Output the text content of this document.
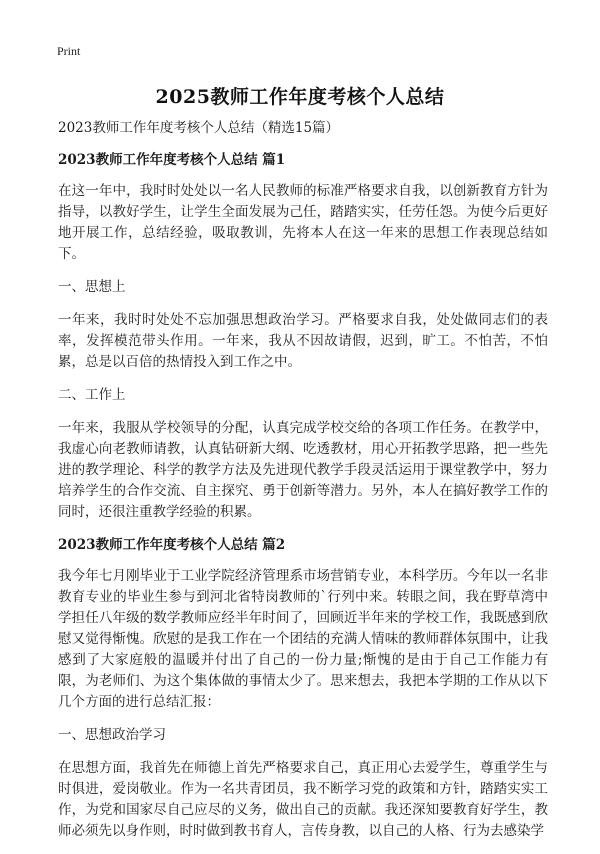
Print
2025教师工作年度考核个人总结
2023教师工作年度考核个人总结（精选15篇）
2023教师工作年度考核个人总结 篇1
在这一年中，我时时处处以一名人民教师的标准严格要求自我，以创新教育方针为指导，以教好学生，让学生全面发展为己任，踏踏实实，任劳任怨。为使今后更好地开展工作，总结经验，吸取教训，先将本人在这一年来的思想工作表现总结如下。
一、思想上
一年来，我时时处处不忘加强思想政治学习。严格要求自我，处处做同志们的表率，发挥模范带头作用。一年来，我从不因故请假，迟到，旷工。不怕苦，不怕累，总是以百倍的热情投入到工作之中。
二、工作上
一年来，我服从学校领导的分配，认真完成学校交给的各项工作任务。在教学中，我虚心向老教师请教，认真钻研新大纲、吃透教材，用心开拓教学思路，把一些先进的教学理论、科学的教学方法及先进现代教学手段灵活运用于课堂教学中，努力培养学生的合作交流、自主探究、勇于创新等潜力。另外，本人在搞好教学工作的同时，还很注重教学经验的积累。
2023教师工作年度考核个人总结 篇2
我今年七月刚毕业于工业学院经济管理系市场营销专业，本科学历。今年以一名非教育专业的毕业生参与到河北省特岗教师的`行列中来。转眼之间，我在野草湾中学担任八年级的数学教师应经半年时间了，回顾近半年来的学校工作，我既感到欣慰又觉得惭愧。欣慰的是我工作在一个团结的充满人情味的教师群体氛围中，让我感到了大家庭般的温暖并付出了自己的一份力量;惭愧的是由于自己工作能力有限，为老师们、为这个集体做的事情太少了。思来想去，我把本学期的工作从以下几个方面的进行总结汇报：
一、思想政治学习
在思想方面，我首先在师德上首先严格要求自己，真正用心去爱学生，尊重学生与时俱进，爱岗敬业。作为一名共青团员，我不断学习党的政策和方针，踏踏实实工作，为党和国家尽自己应尽的义务，做出自己的贡献。我还深知要教育好学生，教师必须先以身作则，时时做到教书育人，言传身教，以自己的人格、行为去感染学
